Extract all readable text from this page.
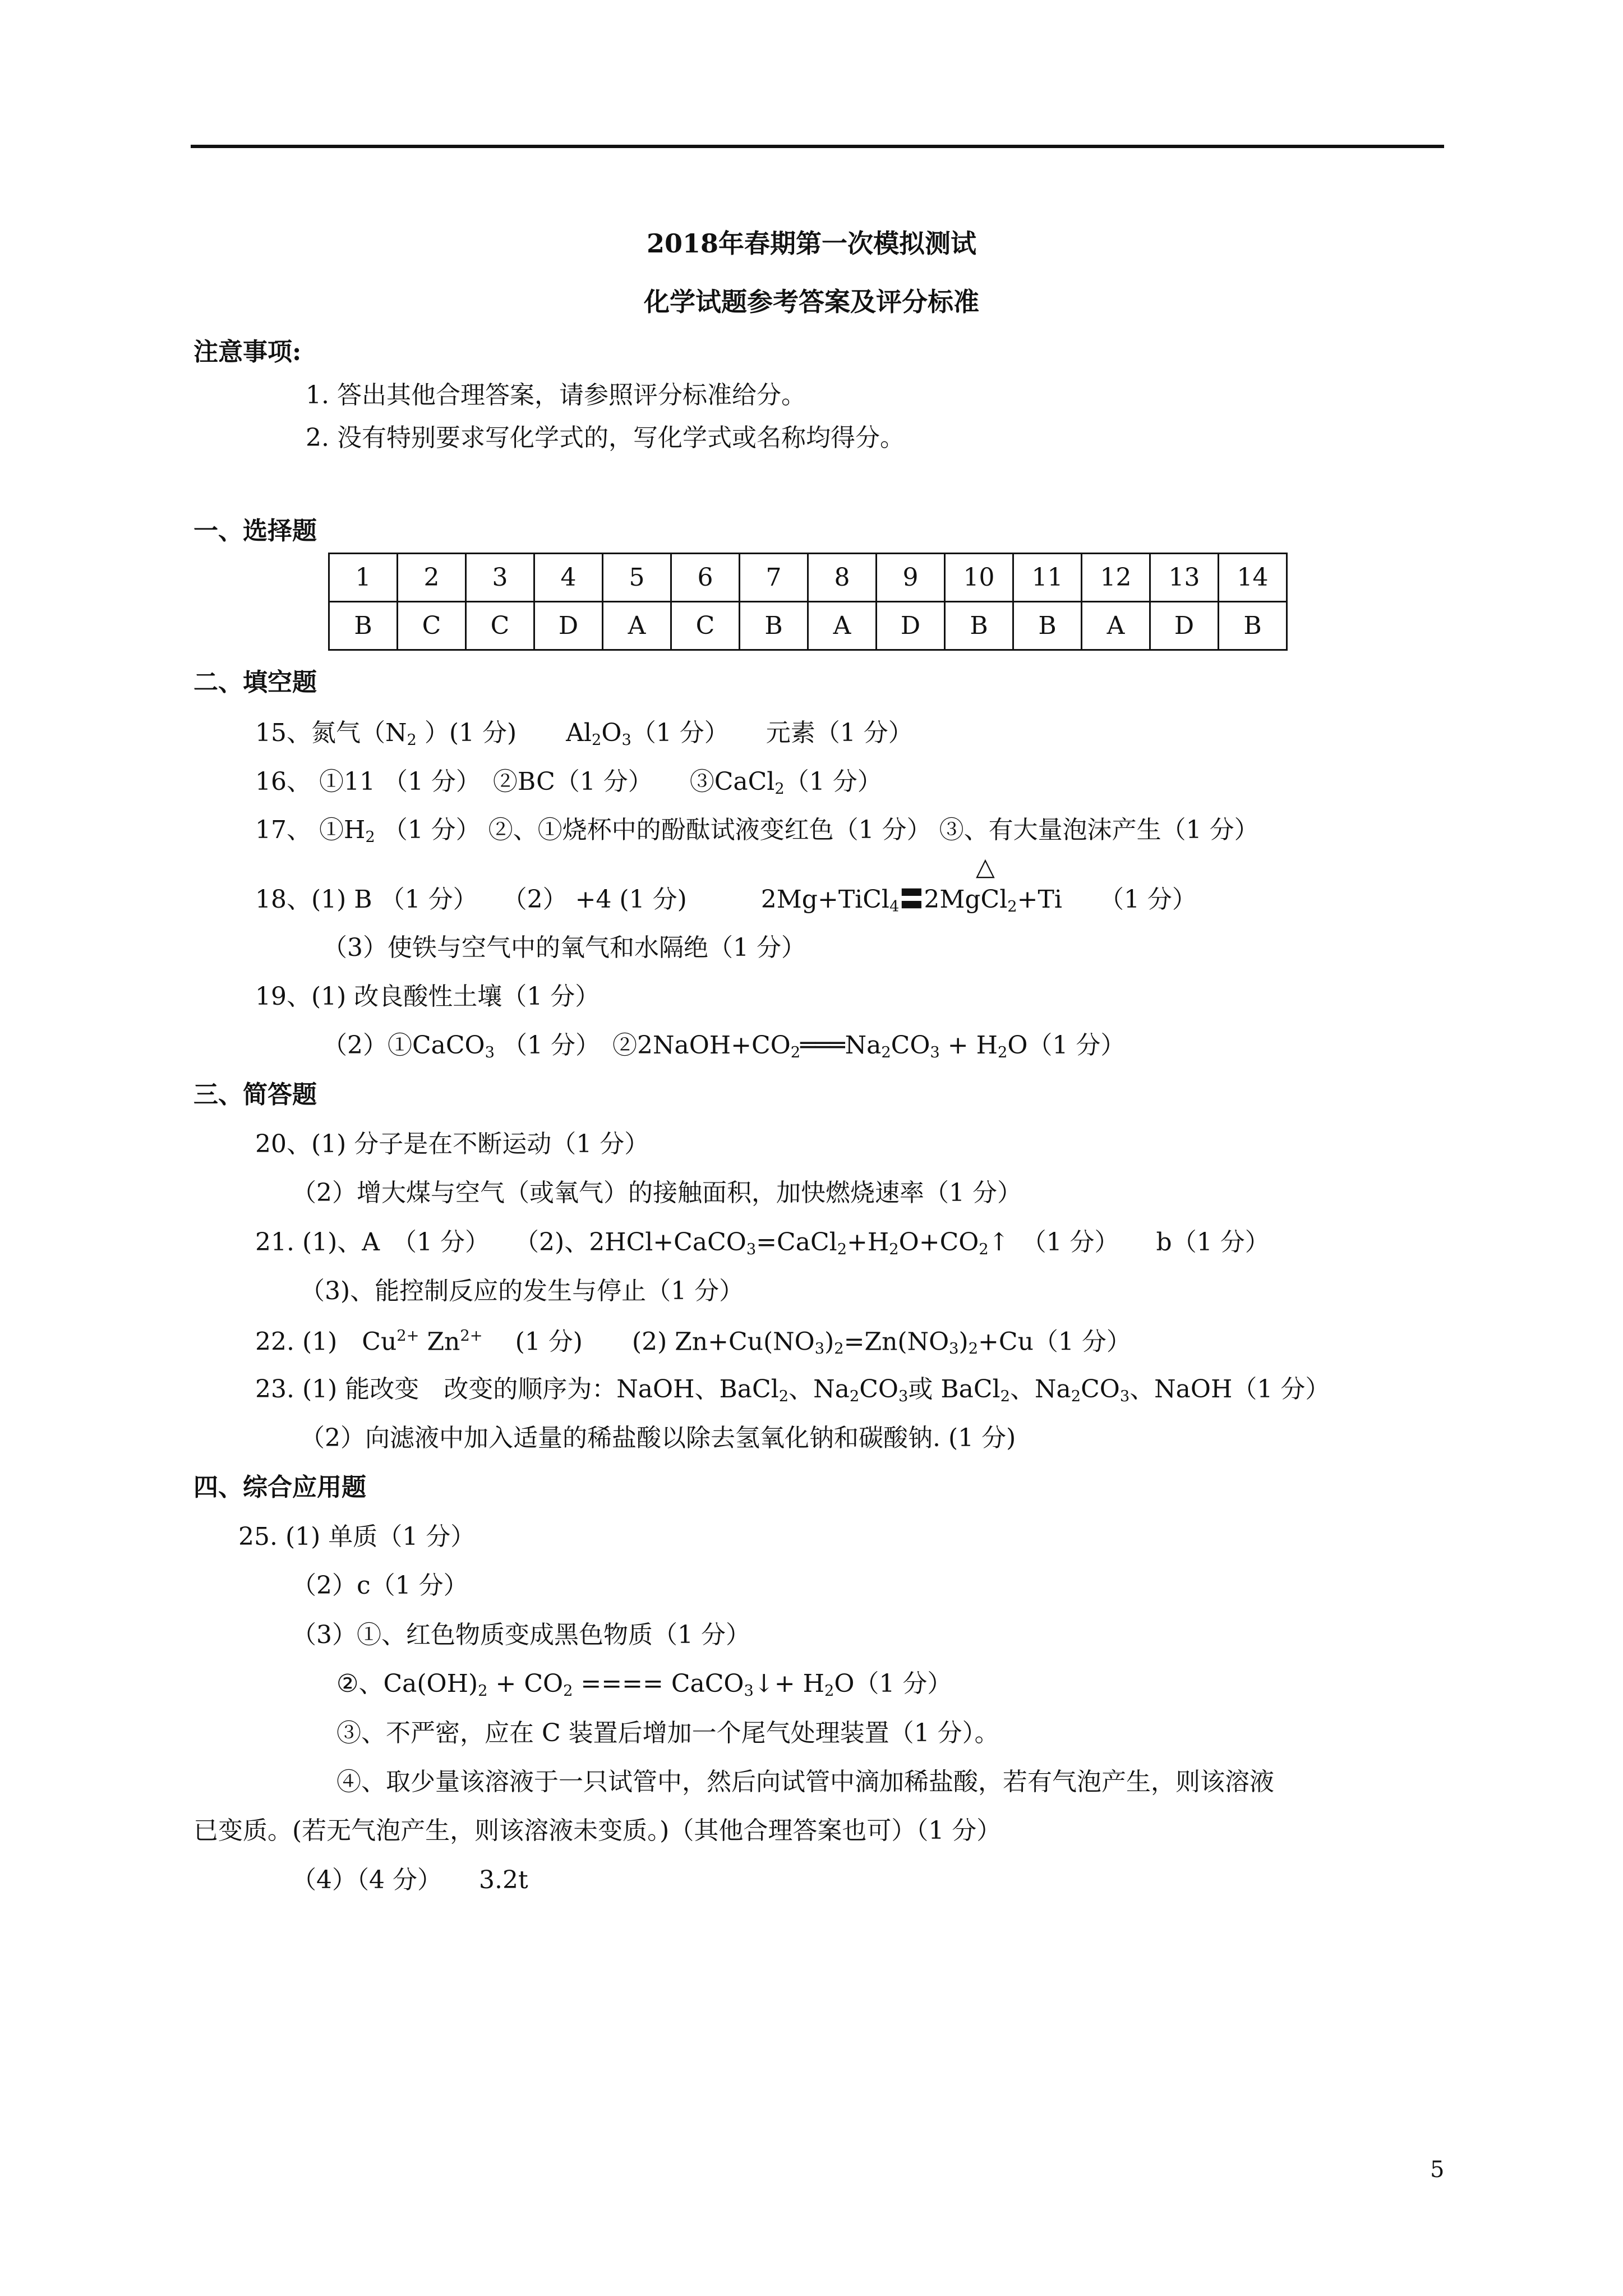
2018年春期第一次模拟测试
化学试题参考答案及评分标准
注意事项:
1. 答出其他合理答案，请参照评分标准给分。
2. 没有特别要求写化学式的，写化学式或名称均得分。
一、选择题
1	2	3	4	5	6	7	8	9	10	11	12	13	14
B	C	C	D	A	C	B	A	D	B	B	A	D	B
二、填空题
15、氮气（$N_2$ ）(1 分)　　$Al_2O_3(1$ 分）　　元素（1 分）
16、 ①11 （1 分）　②BC（1 分）　　③CaCl$_2$（1 分）
17、 $①H_2$ （1 分） ②、①烧杯中的酚酞试液变红色（1 分） ③、有大量泡沫产生（1 分）
△
18、(1) B （1 分）　　（2） +4 (1 分)　　　2Mg+TiCl$_4$〓2MgCl$_2$+Ti　　（1 分）
（3）使铁与空气中的氧气和水隔绝（1 分）
19、(1) 改良酸性土壤（1 分）
（2）①CaCO$_3$ （1 分）　$②2NaOH+CO_2═══Na_2CO_3 + H_2O(1$ 分）
三、简答题
20、(1) 分子是在不断运动（1 分）
（2）增大煤与空气（或氧气）的接触面积，加快燃烧速率（1 分）
21. (1)、A　（1 分）　　（2)、$2HCl+CaCO_3=CaCl_2+H_2O+CO_2↑$　（1 分）　　b（1 分）
（3)、能控制反应的发生与停止（1 分）
22. (1)　$Cu^{2+}$ $Zn^{2+}$ 　(1 分)　　(2) $Zn+Cu(NO_3)_2=Zn(NO_3)_2+Cu(1$ 分）
23. (1) 能改变　改变的顺序为：NaOH、BaCl$_2$、$Na_2CO_3$或 BaCl$_2$、$Na_2CO_3$、NaOH（1 分）
（2）向滤液中加入适量的稀盐酸以除去氢氧化钠和碳酸钠. (1 分)
四、综合应用题
25. (1) 单质（1 分）
（2）c（1 分）
（3）①、红色物质变成黑色物质（1 分）
②、$Ca(OH)_2 + CO_2$ ==== CaCO$_3$↓+ $H_2O(1$ 分）
③、不严密，应在 C 装置后增加一个尾气处理装置（1 分）。
④、取少量该溶液于一只试管中，然后向试管中滴加稀盐酸，若有气泡产生，则该溶液
已变质。(若无气泡产生，则该溶液未变质。)（其他合理答案也可）（1 分）
（4）（4 分）　　3.2t
5
